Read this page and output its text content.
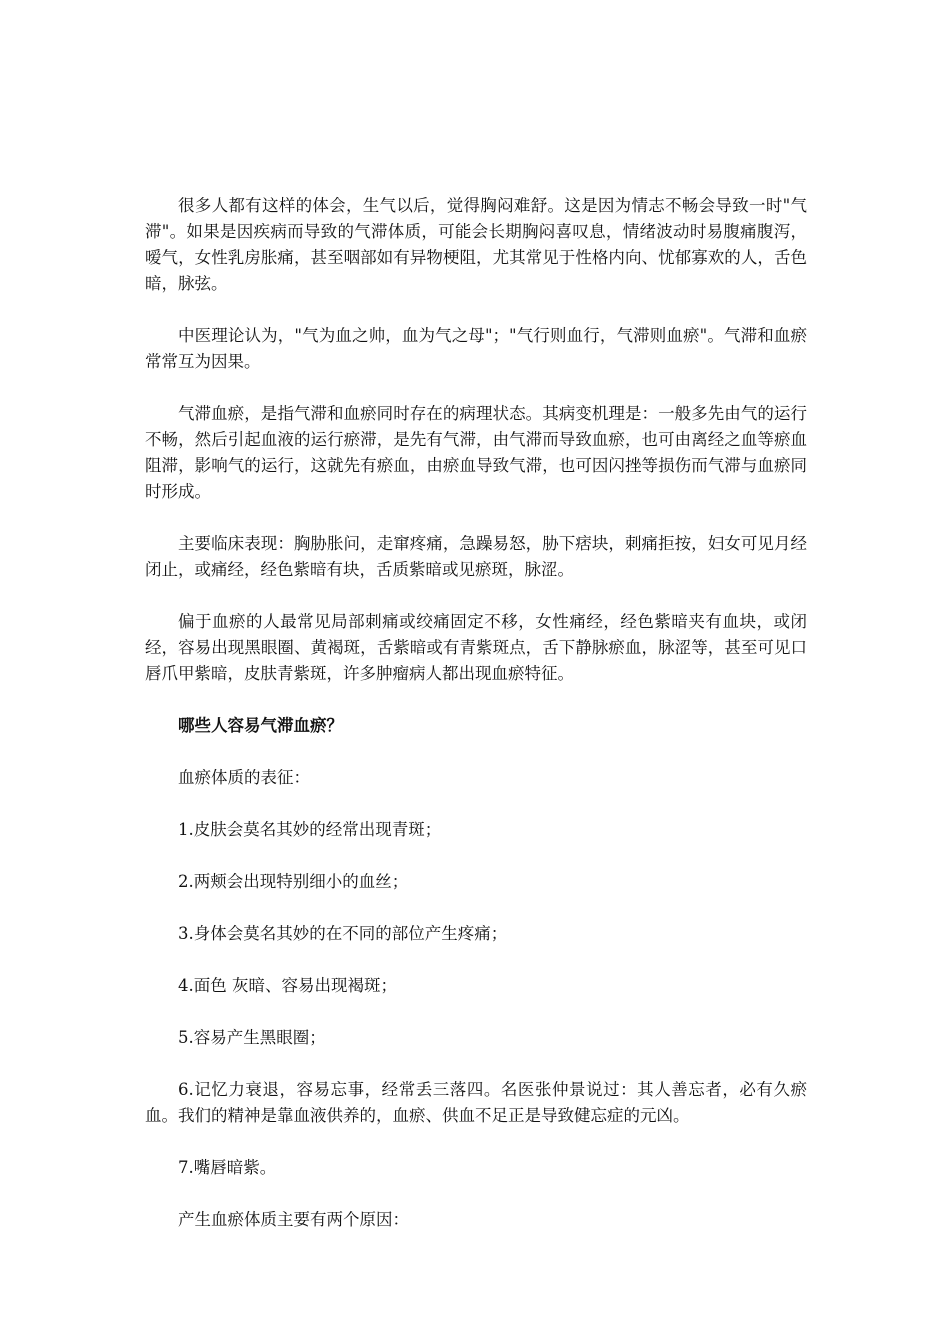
很多人都有这样的体会，生气以后，觉得胸闷难舒。这是因为情志不畅会导致一时"气滞"。如果是因疾病而导致的气滞体质，可能会长期胸闷喜叹息，情绪波动时易腹痛腹泻，嗳气，女性乳房胀痛，甚至咽部如有异物梗阻，尤其常见于性格内向、忧郁寡欢的人，舌色暗，脉弦。

中医理论认为，"气为血之帅，血为气之母"；"气行则血行，气滞则血瘀"。气滞和血瘀常常互为因果。

气滞血瘀，是指气滞和血瘀同时存在的病理状态。其病变机理是：一般多先由气的运行不畅，然后引起血液的运行瘀滞，是先有气滞，由气滞而导致血瘀，也可由离经之血等瘀血阻滞，影响气的运行，这就先有瘀血，由瘀血导致气滞，也可因闪挫等损伤而气滞与血瘀同时形成。

主要临床表现：胸胁胀问，走窜疼痛，急躁易怒，胁下痞块，刺痛拒按，妇女可见月经闭止，或痛经，经色紫暗有块，舌质紫暗或见瘀斑，脉涩。

偏于血瘀的人最常见局部刺痛或绞痛固定不移，女性痛经，经色紫暗夹有血块，或闭经，容易出现黑眼圈、黄褐斑，舌紫暗或有青紫斑点，舌下静脉瘀血，脉涩等，甚至可见口唇爪甲紫暗，皮肤青紫斑，许多肿瘤病人都出现血瘀特征。

哪些人容易气滞血瘀？

血瘀体质的表征：

1.皮肤会莫名其妙的经常出现青斑；

2.两颊会出现特别细小的血丝；

3.身体会莫名其妙的在不同的部位产生疼痛；

4.面色 灰暗、容易出现褐斑；

5.容易产生黑眼圈；

6.记忆力衰退，容易忘事，经常丢三落四。名医张仲景说过：其人善忘者，必有久瘀血。我们的精神是靠血液供养的，血瘀、供血不足正是导致健忘症的元凶。

7.嘴唇暗紫。

产生血瘀体质主要有两个原因：
